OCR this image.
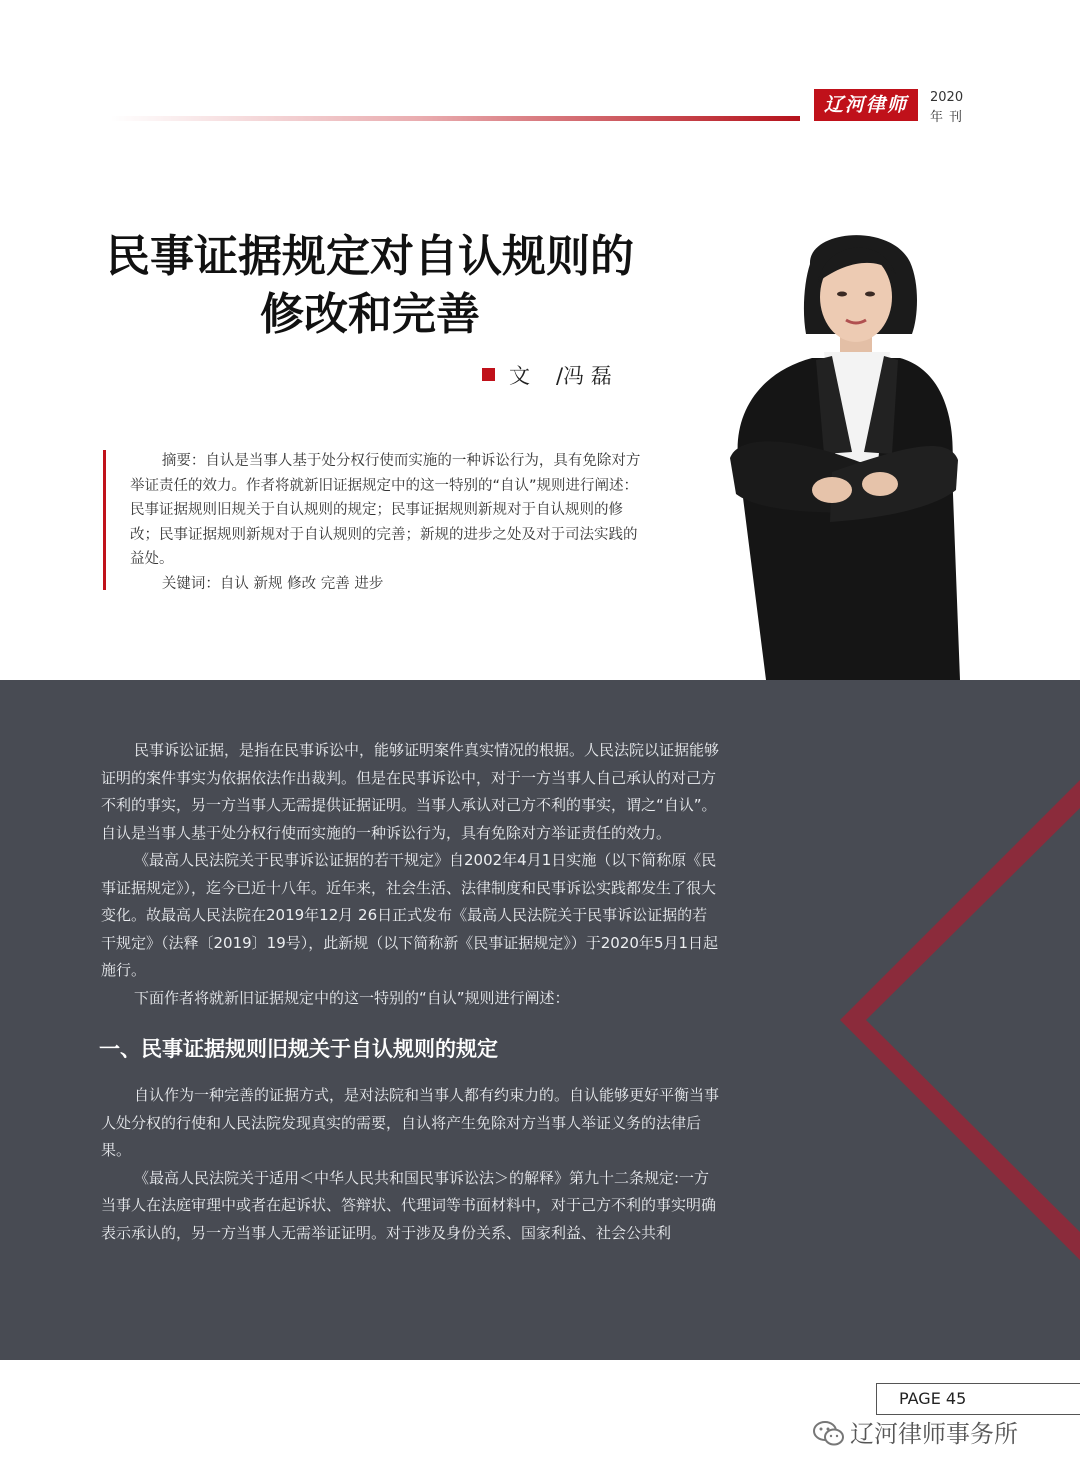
辽河律师	2020
年刊
民事证据规定对自认规则的
修改和完善
文 /冯 磊

摘要：自认是当事人基于处分权行使而实施的一种诉讼行为，具有免除对方举证责任的效力。作者将就新旧证据规定中的这一特别的“自认”规则进行阐述：民事证据规则旧规关于自认规则的规定；民事证据规则新规对于自认规则的修改；民事证据规则新规对于自认规则的完善；新规的进步之处及对于司法实践的益处。

关键词：自认 新规 修改 完善 进步

民事诉讼证据，是指在民事诉讼中，能够证明案件真实情况的根据。人民法院以证据能够证明的案件事实为依据依法作出裁判。但是在民事诉讼中，对于一方当事人自己承认的对己方不利的事实，另一方当事人无需提供证据证明。当事人承认对己方不利的事实，谓之“自认”。自认是当事人基于处分权行使而实施的一种诉讼行为，具有免除对方举证责任的效力。

《最高人民法院关于民事诉讼证据的若干规定》自2002年4月1日实施（以下简称原《民事证据规定》），迄今已近十八年。近年来，社会生活、法律制度和民事诉讼实践都发生了很大变化。故最高人民法院在2019年12月 26日正式发布《最高人民法院关于民事诉讼证据的若干规定》（法释〔2019〕19号），此新规（以下简称新《民事证据规定》）于2020年5月1日起施行。

下面作者将就新旧证据规定中的这一特别的“自认”规则进行阐述：

一、民事证据规则旧规关于自认规则的规定

自认作为一种完善的证据方式，是对法院和当事人都有约束力的。自认能够更好平衡当事人处分权的行使和人民法院发现真实的需要，自认将产生免除对方当事人举证义务的法律后果。

《最高人民法院关于适用＜中华人民共和国民事诉讼法＞的解释》第九十二条规定:一方当事人在法庭审理中或者在起诉状、答辩状、代理词等书面材料中，对于己方不利的事实明确表示承认的，另一方当事人无需举证证明。对于涉及身份关系、国家利益、社会公共利

PAGE 45
辽河律师事务所
